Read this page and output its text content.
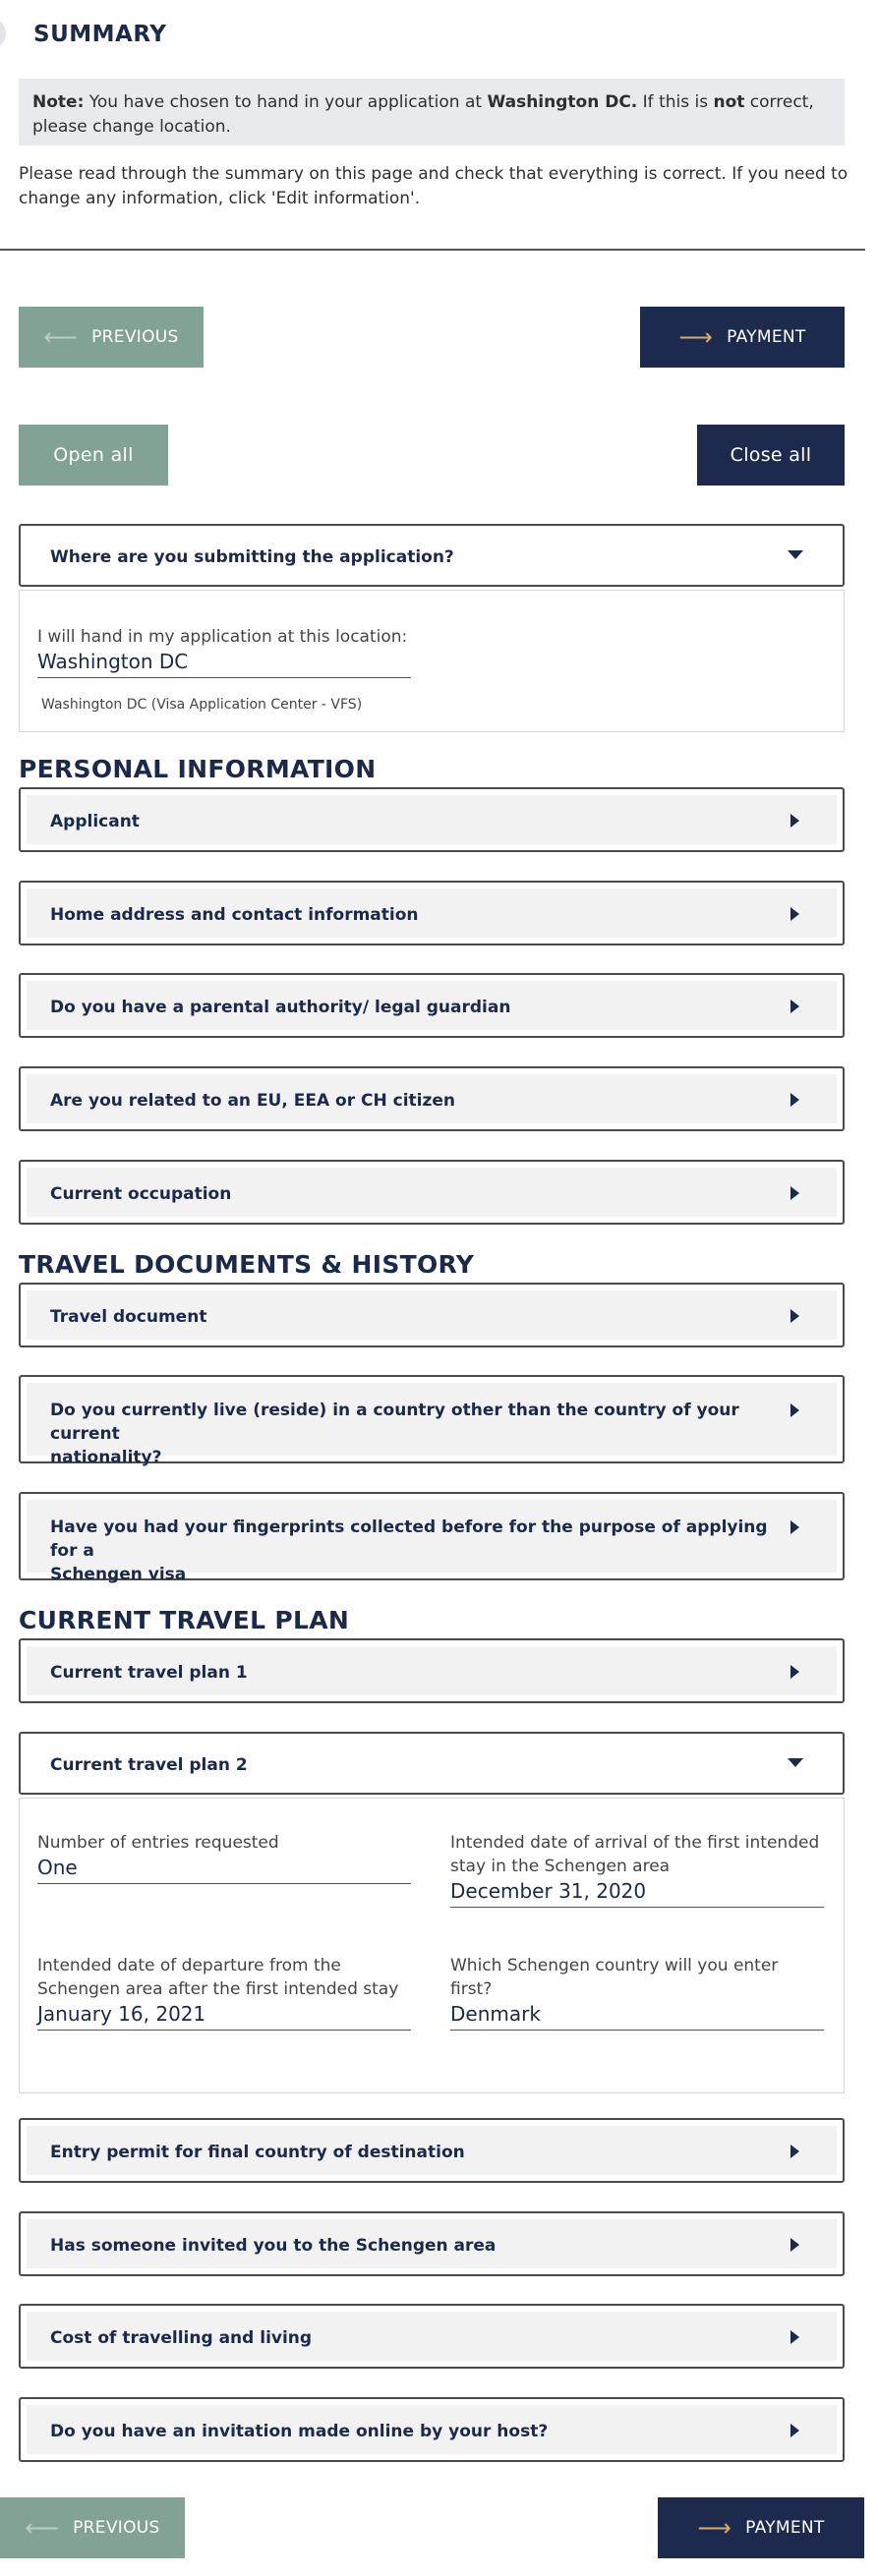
SUMMARY
Note: You have chosen to hand in your application at Washington DC. If this is not correct, please change location.
Please read through the summary on this page and check that everything is correct. If you need to change any information, click 'Edit information'.
⟵ PREVIOUS	⟶ PAYMENT
Open all	Close all
Where are you submitting the application?
I will hand in my application at this location:
Washington DC
Washington DC (Visa Application Center - VFS)
PERSONAL INFORMATION
Applicant
Home address and contact information
Do you have a parental authority/ legal guardian
Are you related to an EU, EEA or CH citizen
Current occupation
TRAVEL DOCUMENTS & HISTORY
Travel document
Do you currently live (reside) in a country other than the country of your current
nationality?
Have you had your fingerprints collected before for the purpose of applying for a
Schengen visa
CURRENT TRAVEL PLAN
Current travel plan 1
Current travel plan 2
Number of entries requested
One
Intended date of arrival of the first intended stay in the Schengen area
December 31, 2020
Intended date of departure from the Schengen area after the first intended stay
January 16, 2021
Which Schengen country will you enter first?
Denmark
Entry permit for final country of destination
Has someone invited you to the Schengen area
Cost of travelling and living
Do you have an invitation made online by your host?
⟵ PREVIOUS	⟶ PAYMENT
